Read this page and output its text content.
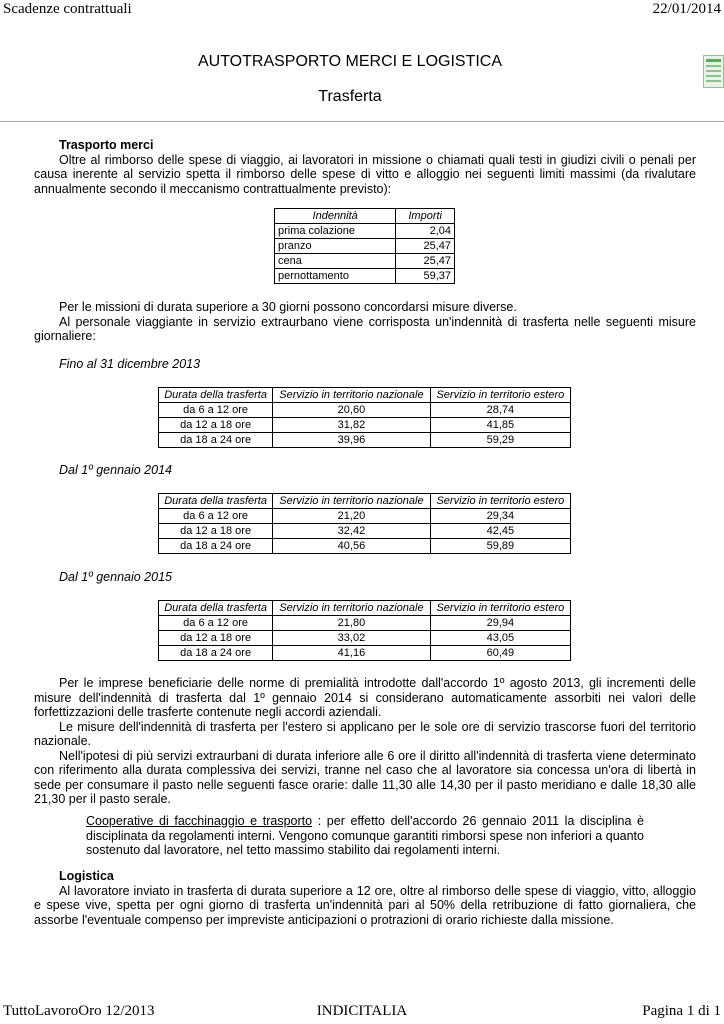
Scadenze contrattuali	22/01/2014
AUTOTRASPORTO MERCI E LOGISTICA
Trasferta

Trasporto merci

Oltre al rimborso delle spese di viaggio, ai lavoratori in missione o chiamati quali testi in giudizi civili o penali per causa inerente al servizio spetta il rimborso delle spese di vitto e alloggio nei seguenti limiti massimi (da rivalutare annualmente secondo il meccanismo contrattualmente previsto):

Indennità	Importi
prima colazione	2,04
pranzo	25,47
cena	25,47
pernottamento	59,37

Per le missioni di durata superiore a 30 giorni possono concordarsi misure diverse.

Al personale viaggiante in servizio extraurbano viene corrisposta un'indennità di trasferta nelle seguenti misure giornaliere:

Fino al 31 dicembre 2013
Durata della trasferta	Servizio in territorio nazionale	Servizio in territorio estero
da 6 a 12 ore	20,60	28,74
da 12 a 18 ore	31,82	41,85
da 18 a 24 ore	39,96	59,29
Dal 1º gennaio 2014
Durata della trasferta	Servizio in territorio nazionale	Servizio in territorio estero
da 6 a 12 ore	21,20	29,34
da 12 a 18 ore	32,42	42,45
da 18 a 24 ore	40,56	59,89
Dal 1º gennaio 2015
Durata della trasferta	Servizio in territorio nazionale	Servizio in territorio estero
da 6 a 12 ore	21,80	29,94
da 12 a 18 ore	33,02	43,05
da 18 a 24 ore	41,16	60,49

Per le imprese beneficiarie delle norme di premialità introdotte dall'accordo 1º agosto 2013, gli incrementi delle misure dell'indennità di trasferta dal 1º gennaio 2014 si considerano automaticamente assorbiti nei valori delle forfettizzazioni delle trasferte contenute negli accordi aziendali.

Le misure dell'indennità di trasferta per l'estero si applicano per le sole ore di servizio trascorse fuori del territorio nazionale.

Nell'ipotesi di più servizi extraurbani di durata inferiore alle 6 ore il diritto all'indennità di trasferta viene determinato con riferimento alla durata complessiva dei servizi, tranne nel caso che al lavoratore sia concessa un'ora di libertà in sede per consumare il pasto nelle seguenti fasce orarie: dalle 11,30 alle 14,30 per il pasto meridiano e dalle 18,30 alle 21,30 per il pasto serale.

Cooperative di facchinaggio e trasporto : per effetto dell'accordo 26 gennaio 2011 la disciplina è disciplinata da regolamenti interni. Vengono comunque garantiti rimborsi spese non inferiori a quanto sostenuto dal lavoratore, nel tetto massimo stabilito dai regolamenti interni.

Logistica

Al lavoratore inviato in trasferta di durata superiore a 12 ore, oltre al rimborso delle spese di viaggio, vitto, alloggio e spese vive, spetta per ogni giorno di trasferta un'indennità pari al 50% della retribuzione di fatto giornaliera, che assorbe l'eventuale compenso per impreviste anticipazioni o protrazioni di orario richieste dalla missione.

TuttoLavoroOro 12/2013	INDICITALIA	Pagina 1 di 1
